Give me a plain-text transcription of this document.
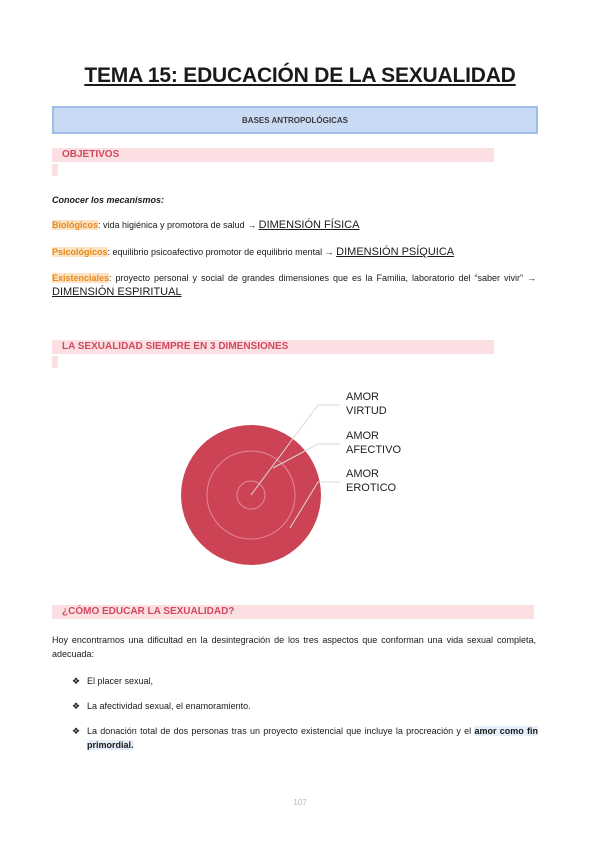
TEMA 15: EDUCACIÓN DE LA SEXUALIDAD
BASES ANTROPOLÓGICAS
OBJETIVOS
Conocer los mecanismos:
Biológicos: vida higiénica y promotora de salud → DIMENSIÓN FÍSICA
Psicológicos: equilibrio psicoafectivo promotor de equilibrio mental → DIMENSIÓN PSÍQUICA
Existenciales: proyecto personal y social de grandes dimensiones que es la Familia, laboratorio del “saber vivir” → DIMENSIÓN ESPIRITUAL
LA SEXUALIDAD SIEMPRE EN 3 DIMENSIONES
AMOR
VIRTUD
AMOR
AFECTIVO
AMOR
EROTICO
¿CÓMO EDUCAR LA SEXUALIDAD?
Hoy encontrarnos una dificultad en la desintegración de los tres aspectos que conforman una vida sexual completa, adecuada:
❖ El placer sexual,
❖ La afectividad sexual, el enamoramiento.
❖ La donación total de dos personas tras un proyecto existencial que incluye la procreación y el amor como fin primordial.
107
